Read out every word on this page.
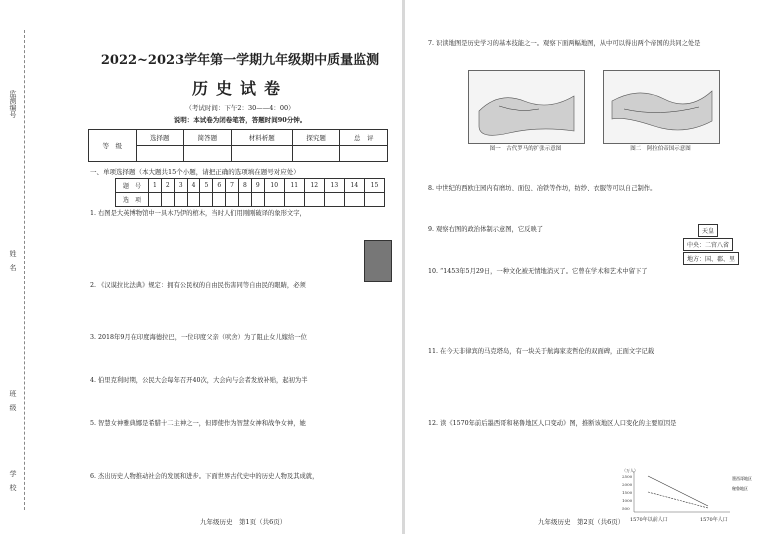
监测编号
姓　名
班　级
学　校
2022~2023学年第一学期九年级期中质量监测
历史试卷
（考试时间：下午2：30——4：00）
说明：本试卷为闭卷笔答，答题时间90分钟。
等　级	选择题	简答题	材料析题	探究题	总　评

一、单项选择题（本大题共15个小题，请把正确的选项填在题号对应处）
题　号	1	2	3	4	5	6	7	8	9	10	11	12	13	14	15
选　项															
1. 右图是大英博物馆中一具木乃伊的棺木，当时人们用刚刚破译的象形文字，
2. 《汉谟拉比法典》规定：拥有公民权的自由民伤害同等自由民的眼睛，必须
3. 2018年9月在印度海德拉巴，一位印度父亲（吠舍）为了阻止女儿嫁给一位
4. 伯里克利时期，公民大会每年召开40次，大会向与会者发放补贴，起初为半
5. 智慧女神雅典娜是希腊十二主神之一，但即使作为智慧女神和战争女神，她
6. 杰出历史人物推动社会的发展和进步。下面世界古代史中的历史人物及其成就，
九年级历史　第1页（共6页）
7. 识读地图是历史学习的基本技能之一。观察下面两幅地图，从中可以得出两个帝国的共同之处是
图一　古代罗马的扩张示意图	图二　阿拉伯帝国示意图
8. 中世纪的西欧庄园内有磨坊、面包、冶铁等作坊，纺纱、衣服等可以自己制作。
9. 观察右图的政治体制示意图，它反映了	天皇
中央：二官八省
地方：国、郡、里
10. “1453年5月29日，一种文化被无情地消灭了。它曾在学术和艺术中留下了
11. 在今天非律宾的马克塔岛，有一块关于航海家麦哲伦的双面碑，正面文字记载
12. 读《1570年前后墨西哥和秘鲁地区人口变动》图，推断该地区人口变化的主要原因是
（万人）
2500
2000
1500
1000
500
墨西哥地区
秘鲁地区
1570年以前人口	1570年人口
九年级历史　第2页（共6页）
